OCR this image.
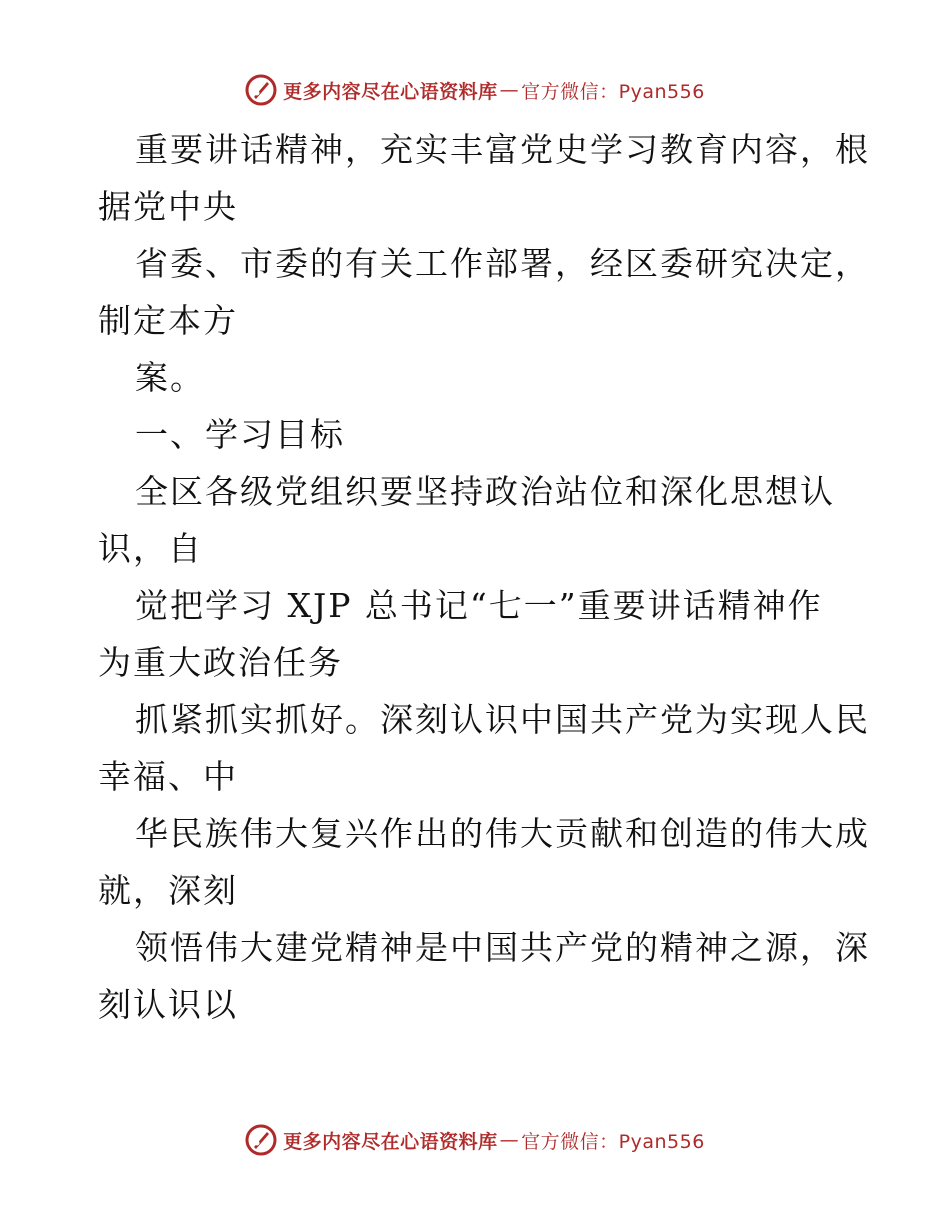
更多内容尽在心语资料库 — 官方微信：Pyan556
重要讲话精神，充实丰富党史学习教育内容，根
据党中央
省委、市委的有关工作部署，经区委研究决定，
制定本方
案。
一、学习目标
全区各级党组织要坚持政治站位和深化思想认
识，自
觉把学习 XJP 总书记“七一”重要讲话精神作
为重大政治任务
抓紧抓实抓好。深刻认识中国共产党为实现人民
幸福、中
华民族伟大复兴作出的伟大贡献和创造的伟大成
就，深刻
领悟伟大建党精神是中国共产党的精神之源，深
刻认识以
更多内容尽在心语资料库 — 官方微信：Pyan556
